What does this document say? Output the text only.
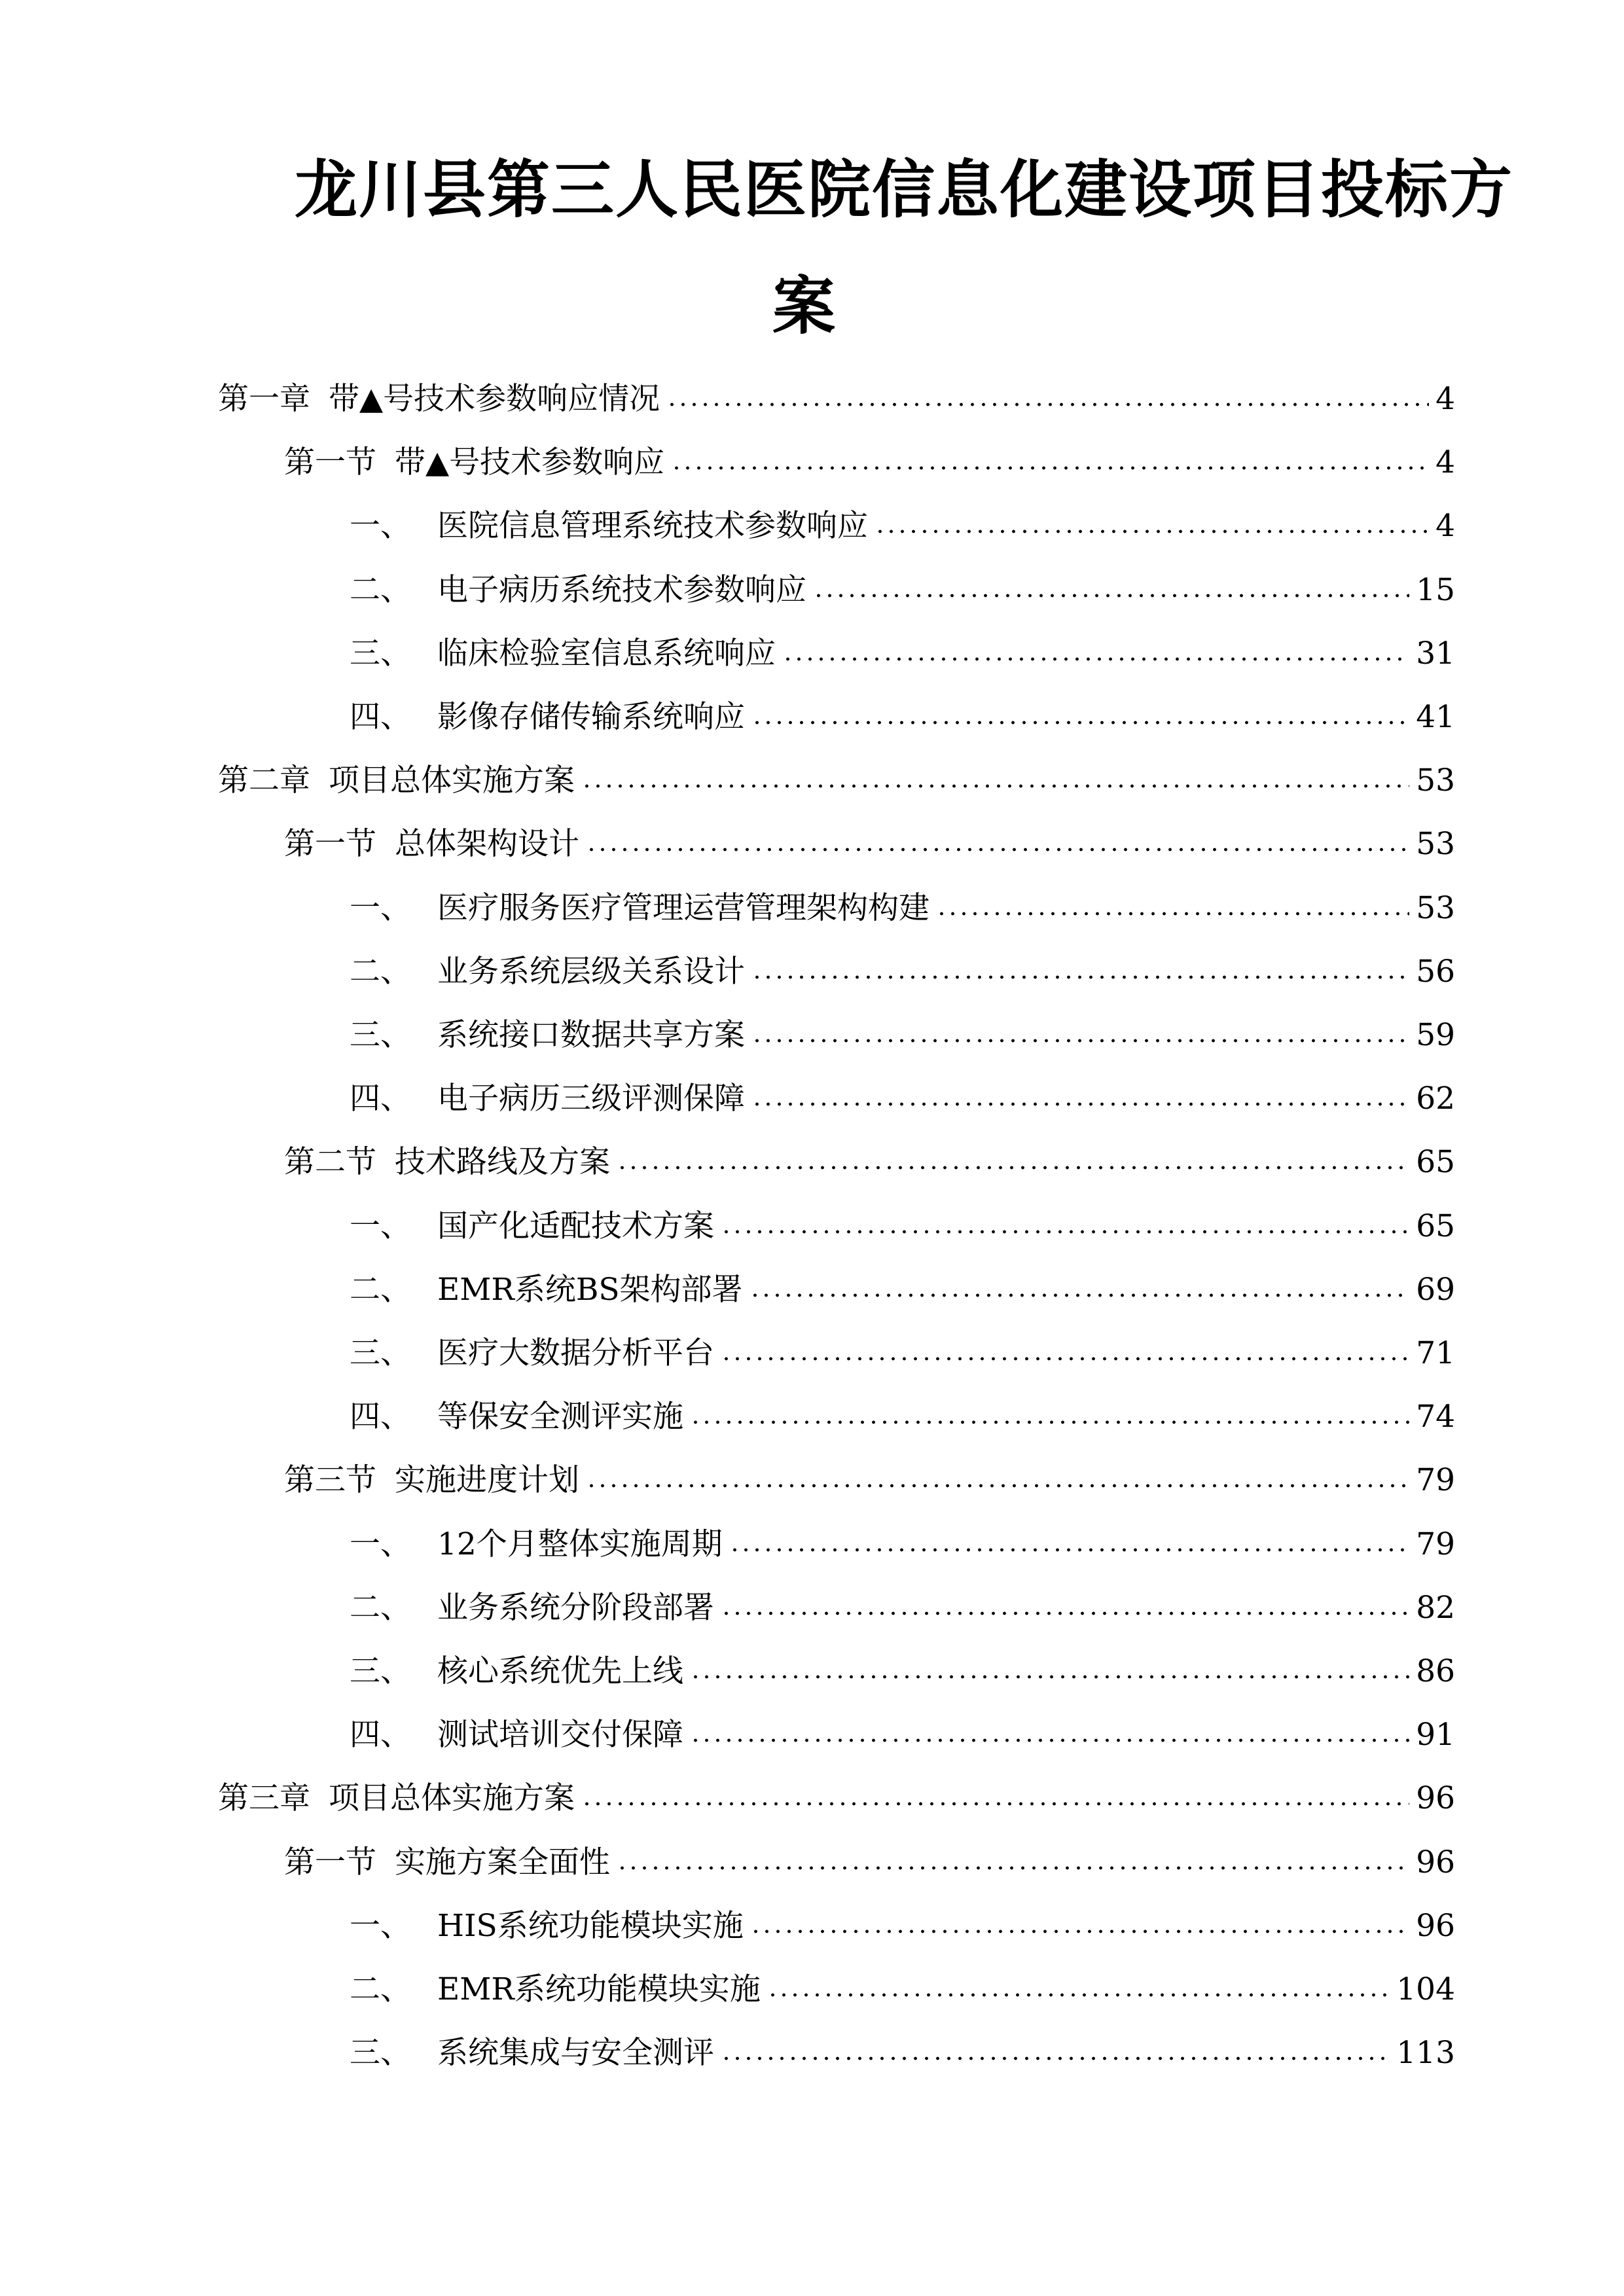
龙川县第三人民医院信息化建设项目投标方
案
第一章 带▲号技术参数响应情况	4
第一节 带▲号技术参数响应	4
一、 医院信息管理系统技术参数响应	4
二、 电子病历系统技术参数响应	15
三、 临床检验室信息系统响应	31
四、 影像存储传输系统响应	41
第二章 项目总体实施方案	53
第一节 总体架构设计	53
一、 医疗服务医疗管理运营管理架构构建	53
二、 业务系统层级关系设计	56
三、 系统接口数据共享方案	59
四、 电子病历三级评测保障	62
第二节 技术路线及方案	65
一、 国产化适配技术方案	65
二、 EMR系统BS架构部署	69
三、 医疗大数据分析平台	71
四、 等保安全测评实施	74
第三节 实施进度计划	79
一、 12个月整体实施周期	79
二、 业务系统分阶段部署	82
三、 核心系统优先上线	86
四、 测试培训交付保障	91
第三章 项目总体实施方案	96
第一节 实施方案全面性	96
一、 HIS系统功能模块实施	96
二、 EMR系统功能模块实施	104
三、 系统集成与安全测评	113
